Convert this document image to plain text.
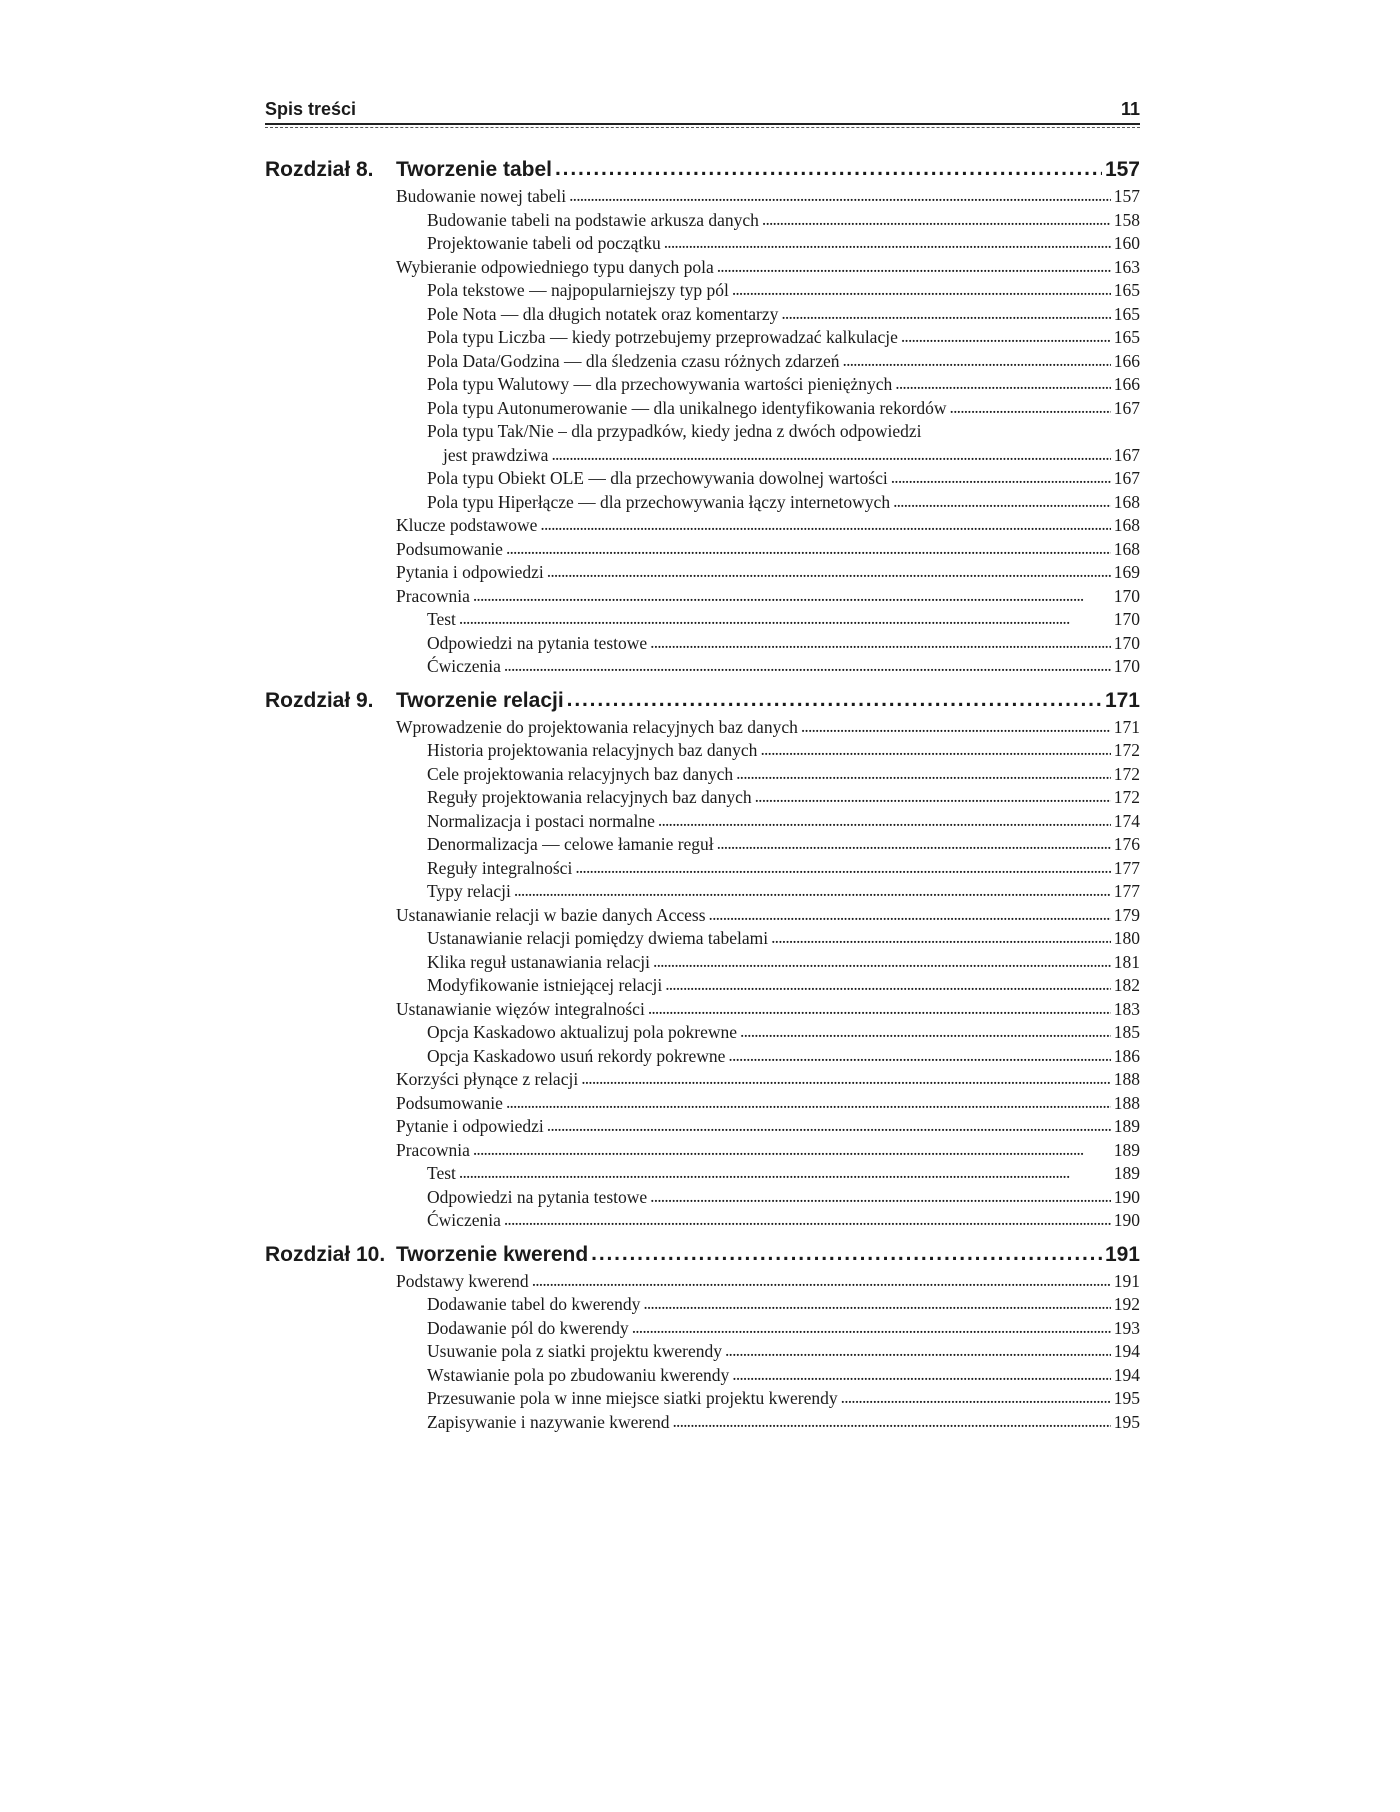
Spis treści	11
Rozdział 8.	Tworzenie tabel . . .	157
Budowanie nowej tabeli . . .	157
Budowanie tabeli na podstawie arkusza danych . . .	158
Projektowanie tabeli od początku . . .	160
Wybieranie odpowiedniego typu danych pola . . .	163
Pola tekstowe — najpopularniejszy typ pól . . .	165
Pole Nota — dla długich notatek oraz komentarzy . . .	165
Pola typu Liczba — kiedy potrzebujemy przeprowadzać kalkulacje . . .	165
Pola Data/Godzina — dla śledzenia czasu różnych zdarzeń . . .	166
Pola typu Walutowy — dla przechowywania wartości pieniężnych . . .	166
Pola typu Autonumerowanie — dla unikalnego identyfikowania rekordów . . .	167
Pola typu Tak/Nie – dla przypadków, kiedy jedna z dwóch odpowiedzi
jest prawdziwa . . .	167
Pola typu Obiekt OLE — dla przechowywania dowolnej wartości . . .	167
Pola typu Hiperłącze — dla przechowywania łączy internetowych . . .	168
Klucze podstawowe . . .	168
Podsumowanie . . .	168
Pytania i odpowiedzi . . .	169
Pracownia . . .	170
Test . . .	170
Odpowiedzi na pytania testowe . . .	170
Ćwiczenia . . .	170
Rozdział 9.	Tworzenie relacji . . .	171
Wprowadzenie do projektowania relacyjnych baz danych . . .	171
Historia projektowania relacyjnych baz danych . . .	172
Cele projektowania relacyjnych baz danych . . .	172
Reguły projektowania relacyjnych baz danych . . .	172
Normalizacja i postaci normalne . . .	174
Denormalizacja — celowe łamanie reguł . . .	176
Reguły integralności . . .	177
Typy relacji . . .	177
Ustanawianie relacji w bazie danych Access . . .	179
Ustanawianie relacji pomiędzy dwiema tabelami . . .	180
Klika reguł ustanawiania relacji . . .	181
Modyfikowanie istniejącej relacji . . .	182
Ustanawianie więzów integralności . . .	183
Opcja Kaskadowo aktualizuj pola pokrewne . . .	185
Opcja Kaskadowo usuń rekordy pokrewne . . .	186
Korzyści płynące z relacji . . .	188
Podsumowanie . . .	188
Pytanie i odpowiedzi . . .	189
Pracownia . . .	189
Test . . .	189
Odpowiedzi na pytania testowe . . .	190
Ćwiczenia . . .	190
Rozdział 10. Tworzenie kwerend . . .	191
Podstawy kwerend . . .	191
Dodawanie tabel do kwerendy . . .	192
Dodawanie pól do kwerendy . . .	193
Usuwanie pola z siatki projektu kwerendy . . .	194
Wstawianie pola po zbudowaniu kwerendy . . .	194
Przesuwanie pola w inne miejsce siatki projektu kwerendy . . .	195
Zapisywanie i nazywanie kwerend . . .	195
